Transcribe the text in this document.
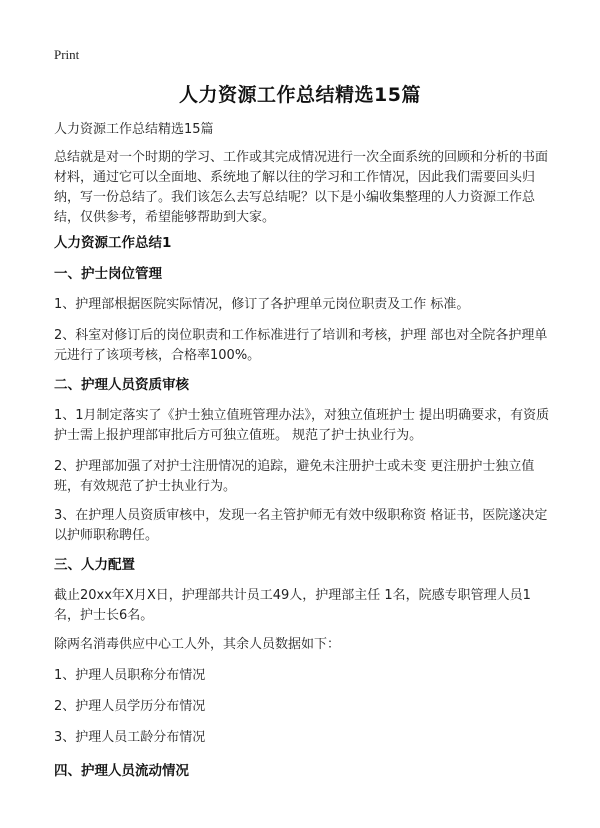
Print
人力资源工作总结精选15篇
人力资源工作总结精选15篇
总结就是对一个时期的学习、工作或其完成情况进行一次全面系统的回顾和分析的书面材料，通过它可以全面地、系统地了解以往的学习和工作情况，因此我们需要回头归纳，写一份总结了。我们该怎么去写总结呢？以下是小编收集整理的人力资源工作总结，仅供参考，希望能够帮助到大家。
人力资源工作总结1
一、护士岗位管理
1、护理部根据医院实际情况，修订了各护理单元岗位职责及工作 标准。
2、科室对修订后的岗位职责和工作标准进行了培训和考核，护理 部也对全院各护理单元进行了该项考核，合格率100%。
二、护理人员资质审核
1、1月制定落实了《护士独立值班管理办法》，对独立值班护士 提出明确要求，有资质护士需上报护理部审批后方可独立值班。 规范了护士执业行为。
2、护理部加强了对护士注册情况的追踪，避免未注册护士或未变 更注册护士独立值班，有效规范了护士执业行为。
3、在护理人员资质审核中，发现一名主管护师无有效中级职称资 格证书，医院遂决定以护师职称聘任。
三、人力配置
截止20xx年X月X日，护理部共计员工49人，护理部主任 1名，院感专职管理人员1名，护士长6名。
除两名消毒供应中心工人外，其余人员数据如下：
1、护理人员职称分布情况
2、护理人员学历分布情况
3、护理人员工龄分布情况
四、护理人员流动情况
